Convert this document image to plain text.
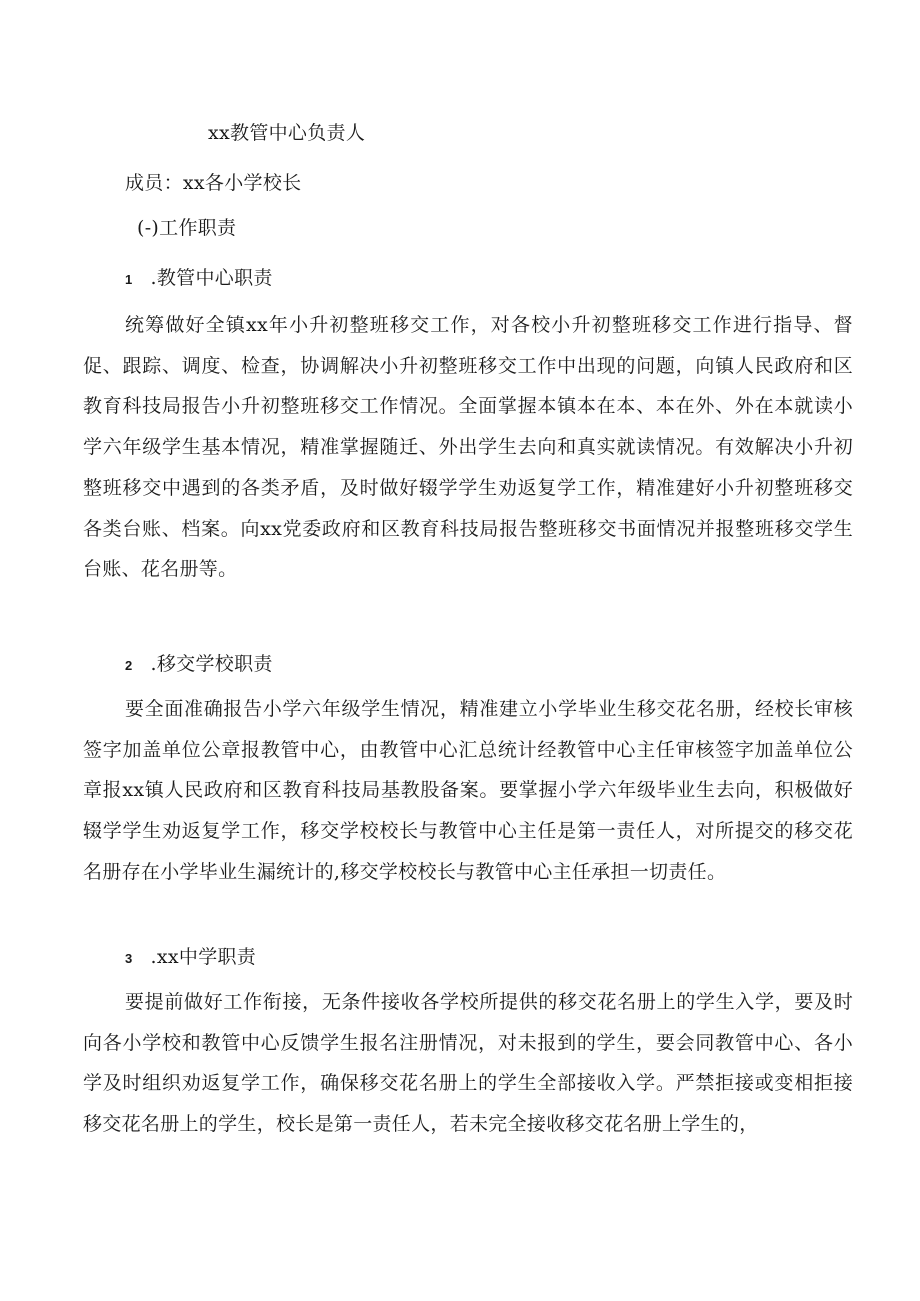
xx教管中心负责人
成员：xx各小学校长
(-)工作职责
1 .教管中心职责

统筹做好全镇xx年小升初整班移交工作，对各校小升初整班移交工作进行指导、督促、跟踪、调度、检查，协调解决小升初整班移交工作中出现的问题，向镇人民政府和区教育科技局报告小升初整班移交工作情况。全面掌握本镇本在本、本在外、外在本就读小学六年级学生基本情况，精准掌握随迁、外出学生去向和真实就读情况。有效解决小升初整班移交中遇到的各类矛盾，及时做好辍学学生劝返复学工作，精准建好小升初整班移交各类台账、档案。向xx党委政府和区教育科技局报告整班移交书面情况并报整班移交学生台账、花名册等。

2 .移交学校职责

要全面准确报告小学六年级学生情况，精准建立小学毕业生移交花名册，经校长审核签字加盖单位公章报教管中心，由教管中心汇总统计经教管中心主任审核签字加盖单位公章报xx镇人民政府和区教育科技局基教股备案。要掌握小学六年级毕业生去向，积极做好辍学学生劝返复学工作，移交学校校长与教管中心主任是第一责任人，对所提交的移交花名册存在小学毕业生漏统计的,移交学校校长与教管中心主任承担一切责任。

3 .xx中学职责

要提前做好工作衔接，无条件接收各学校所提供的移交花名册上的学生入学，要及时向各小学校和教管中心反馈学生报名注册情况，对未报到的学生，要会同教管中心、各小学及时组织劝返复学工作，确保移交花名册上的学生全部接收入学。严禁拒接或变相拒接移交花名册上的学生，校长是第一责任人，若未完全接收移交花名册上学生的，
